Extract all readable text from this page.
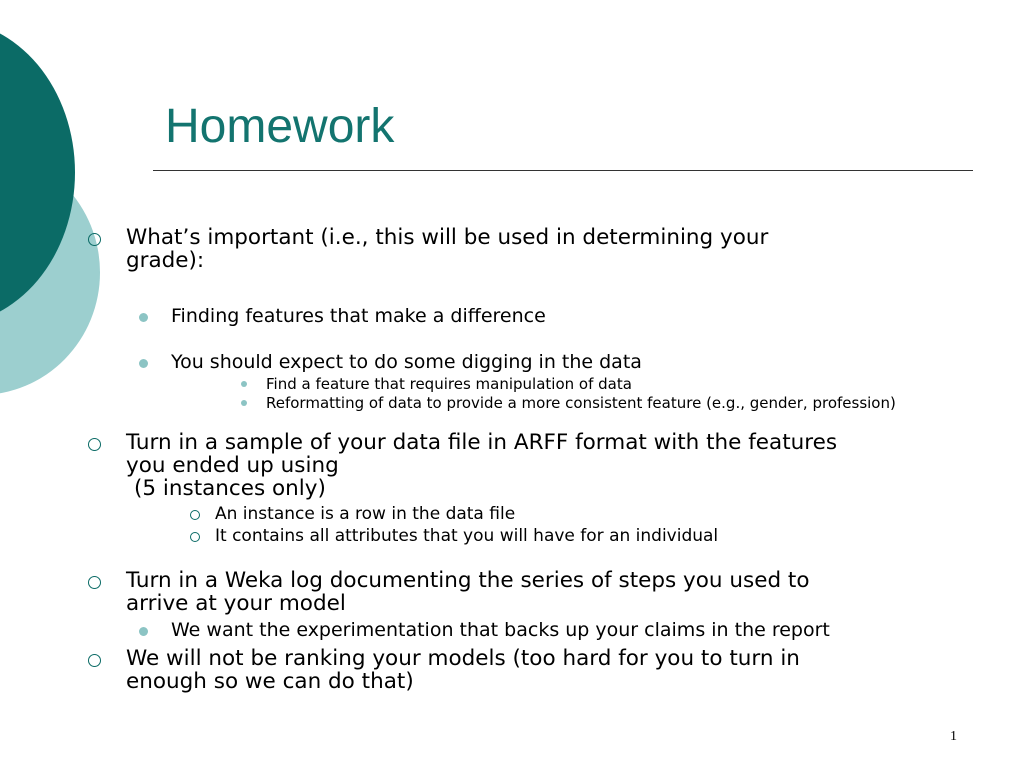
Homework
What’s important (i.e., this will be used in determining your
grade):
Finding features that make a difference
You should expect to do some digging in the data
Find a feature that requires manipulation of data
Reformatting of data to provide a more consistent feature (e.g., gender, profession)
Turn in a sample of your data file in ARFF format with the features
you ended up using
(5 instances only)
An instance is a row in the data file
It contains all attributes that you will have for an individual
Turn in a Weka log documenting the series of steps you used to
arrive at your model
We want the experimentation that backs up your claims in the report
We will not be ranking your models (too hard for you to turn in
enough so we can do that)
1
